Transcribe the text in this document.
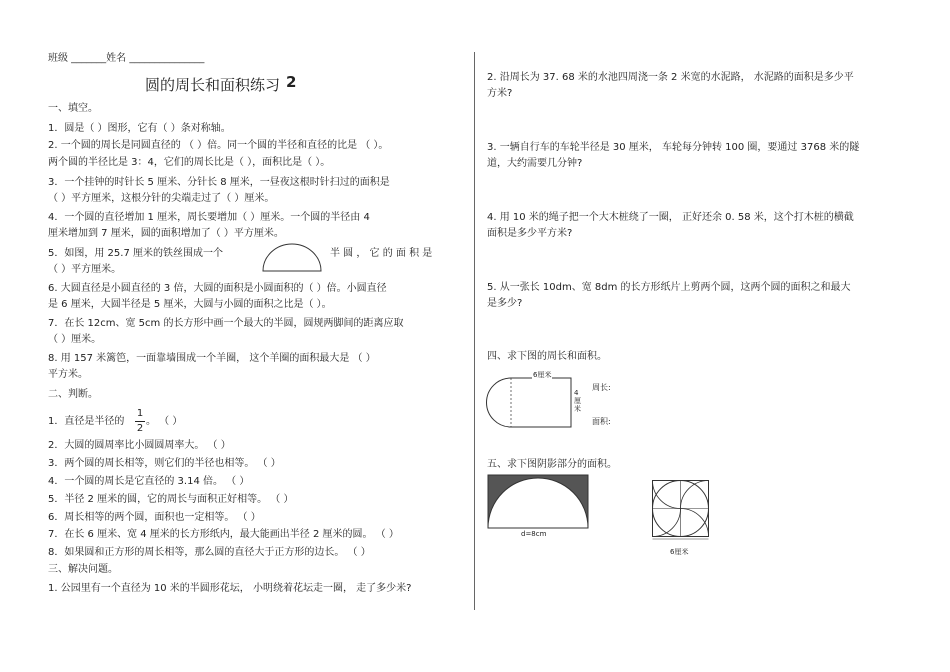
班级 _______姓名 _______________
圆的周长和面积练习 2
一、填空。
1．圆是（ ）图形，它有（ ）条对称轴。
2. 一个圆的周长是同圆直径的 （ ）倍。同一个圆的半径和直径的比是 （ ）。
两个圆的半径比是 3：4，它们的周长比是（ ），面积比是（ ）。
3．一个挂钟的时针长 5 厘米、分针长 8 厘米，一昼夜这根时针扫过的面积是
（ ）平方厘米，这根分针的尖端走过了（ ）厘米。
4．一个圆的直径增加 1 厘米，周长要增加（ ）厘米。一个圆的半径由 4
厘米增加到 7 厘米，圆的面积增加了（ ）平方厘米。
5．如图，用 25.7 厘米的铁丝围成一个	半 圆 ， 它 的 面 积 是
（ ）平方厘米。
6. 大圆直径是小圆直径的 3 倍，大圆的面积是小圆面积的（ ）倍。小圆直径
是 6 厘米，大圆半径是 5 厘米，大圆与小圆的面积之比是（ ）。
7．在长 12cm、宽 5cm 的长方形中画一个最大的半圆，圆规两脚间的距离应取
（ ）厘米。
8. 用 157 米篱笆，一面靠墙围成一个羊圈， 这个羊圈的面积最大是 （ ）
平方米。
二、判断。
1．直径是半径的
1
2
。 （ ）
2．大圆的圆周率比小圆圆周率大。 （ ）
3．两个圆的周长相等，则它们的半径也相等。 （ ）
4．一个圆的周长是它直径的 3.14 倍。 （ ）
5．半径 2 厘米的圆，它的周长与面积正好相等。 （ ）
6．周长相等的两个圆，面积也一定相等。 （ ）
7．在长 6 厘米、宽 4 厘米的长方形纸内，最大能画出半径 2 厘米的圆。 （ ）
8．如果圆和正方形的周长相等，那么圆的直径大于正方形的边长。 （ ）
三、解决问题。
1. 公园里有一个直径为 10 米的半圆形花坛， 小明绕着花坛走一圈， 走了多少米?
2. 沿周长为 37. 68 米的水池四周浇一条 2 米宽的水泥路， 水泥路的面积是多少平
方米?
3. 一辆自行车的车轮半径是 30 厘米， 车轮每分钟转 100 圈，要通过 3768 米的隧
道，大约需要几分钟?
4. 用 10 米的绳子把一个大木桩绕了一圈， 正好还余 0. 58 米，这个打木桩的横截
面积是多少平方米?
5. 从一张长 10dm、宽 8dm 的长方形纸片上剪两个圆，这两个圆的面积之和最大
是多少?
四、求下图的周长和面积。
6厘米
4
厘
米
周长:
面积:
五、求下图阴影部分的面积。
d=8cm
6厘米
